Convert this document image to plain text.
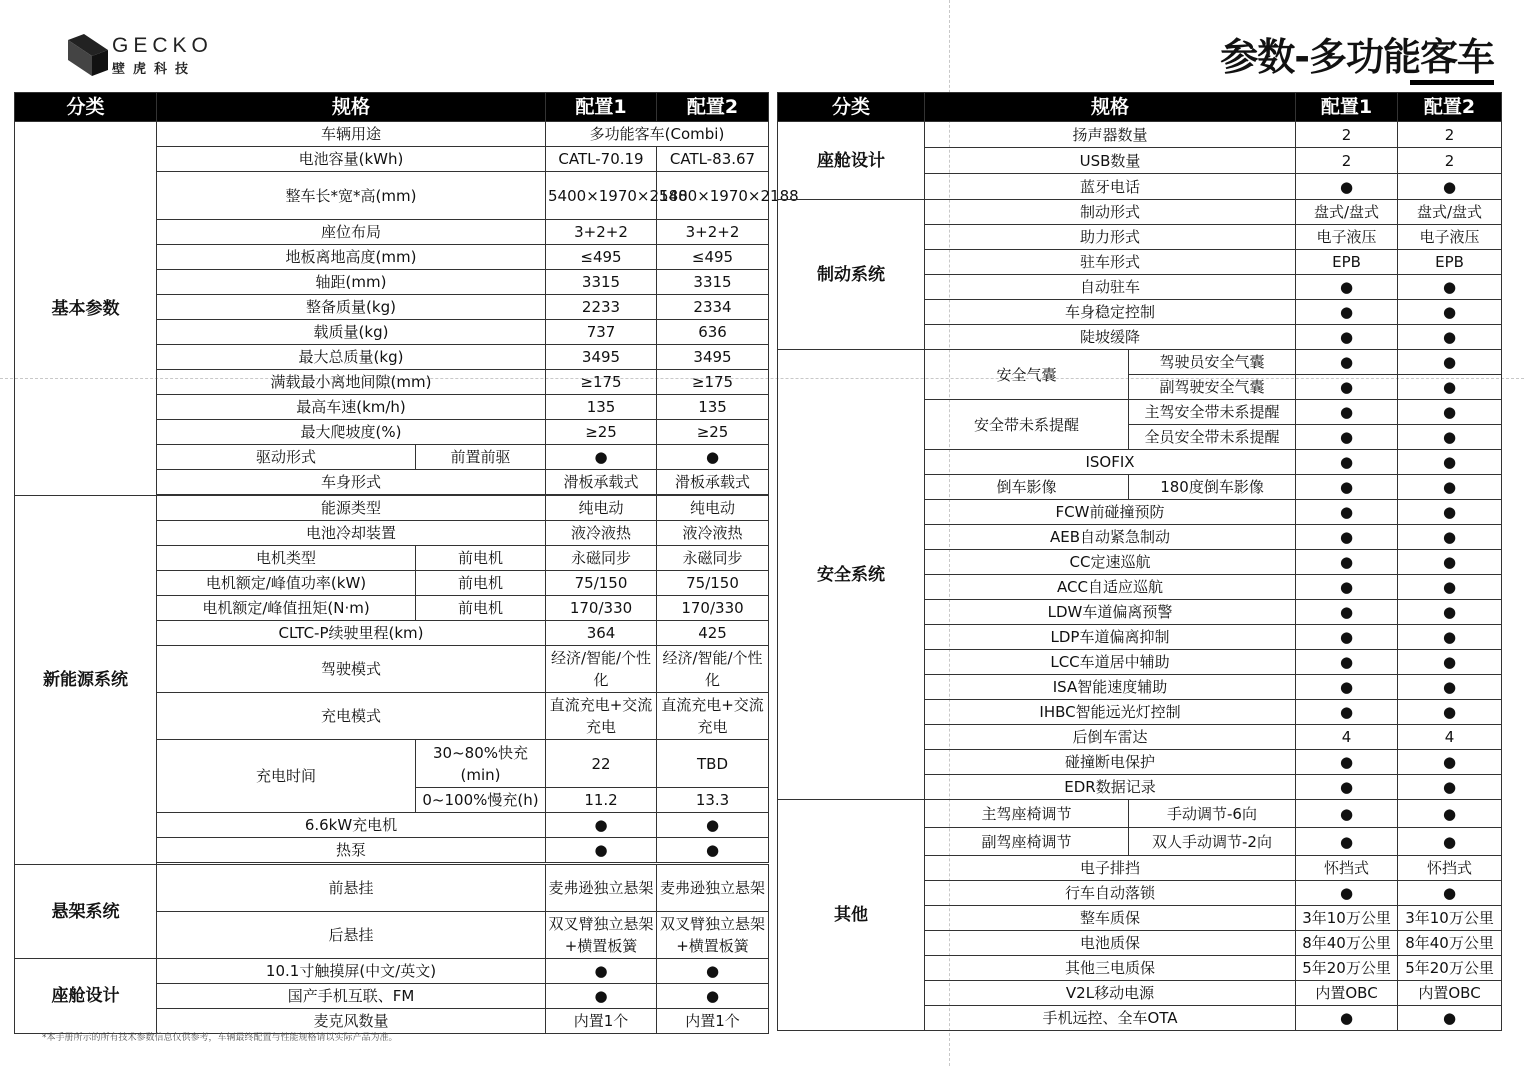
GECKO
壁虎科技	参数-多功能客车
分类	规格		配置1	配置2
基本参数	车辆用途		多功能客车(Combi)	
	电池容量(kWh)		CATL-70.19	CATL-83.67
	整车长*宽*高(mm)		5400×1970×2188	5400×1970×2188
	座位布局		3+2+2	3+2+2
	地板离地高度(mm)		≤495	≤495
	轴距(mm)		3315	3315
	整备质量(kg)		2233	2334
	载质量(kg)		737	636
	最大总质量(kg)		3495	3495
	满载最小离地间隙(mm)		≥175	≥175
	最高车速(km/h)		135	135
	最大爬坡度(%)		≥25	≥25
	驱动形式	前置前驱	●	●
	车身形式		滑板承载式	滑板承载式

新能源系统	能源类型		纯电动	纯电动
	电池冷却装置		液冷液热	液冷液热
	电机类型	前电机	永磁同步	永磁同步
	电机额定/峰值功率(kW)	前电机	75/150	75/150
	电机额定/峰值扭矩(N·m)	前电机	170/330	170/330
	CLTC-P续驶里程(km)		364	425
	驾驶模式		经济/智能/个性化	经济/智能/个性化
	充电模式		直流充电+交流充电	直流充电+交流充电
	充电时间	30~80%快充(min)	22	TBD
		0~100%慢充(h)	11.2	13.3
	6.6kW充电机		●	●
	热泵		●	●

悬架系统	前悬挂		麦弗逊独立悬架	麦弗逊独立悬架
	后悬挂		双叉臂独立悬架+横置板簧	双叉臂独立悬架+横置板簧
座舱设计	10.1寸触摸屏(中文/英文)		●	●
	国产手机互联、FM		●	●
	麦克风数量		内置1个	内置1个
分类	规格		配置1	配置2
座舱设计	扬声器数量		2	2
	USB数量		2	2
	蓝牙电话		●	●
制动系统	制动形式		盘式/盘式	盘式/盘式
	助力形式		电子液压	电子液压
	驻车形式		EPB	EPB
	自动驻车		●	●
	车身稳定控制		●	●
	陡坡缓降		●	●
安全系统	安全气囊	驾驶员安全气囊	●	●
		副驾驶安全气囊	●	●
	安全带未系提醒	主驾安全带未系提醒	●	●
		全员安全带未系提醒	●	●
	ISOFIX		●	●
	倒车影像	180度倒车影像	●	●
	FCW前碰撞预防		●	●
	AEB自动紧急制动		●	●
	CC定速巡航		●	●
	ACC自适应巡航		●	●
	LDW车道偏离预警		●	●
	LDP车道偏离抑制		●	●
	LCC车道居中辅助		●	●
	ISA智能速度辅助		●	●
	IHBC智能远光灯控制		●	●
	后倒车雷达		4	4
	碰撞断电保护		●	●
	EDR数据记录		●	●
其他	主驾座椅调节	手动调节-6向	●	●
	副驾座椅调节	双人手动调节-2向	●	●
	电子排挡		怀挡式	怀挡式
	行车自动落锁		●	●
	整车质保		3年10万公里	3年10万公里
	电池质保		8年40万公里	8年40万公里
	其他三电质保		5年20万公里	5年20万公里
	V2L移动电源		内置OBC	内置OBC
	手机远控、全车OTA		●	●
*本手册所示的所有技术参数信息仅供参考，车辆最终配置与性能规格请以实际产品为准。
